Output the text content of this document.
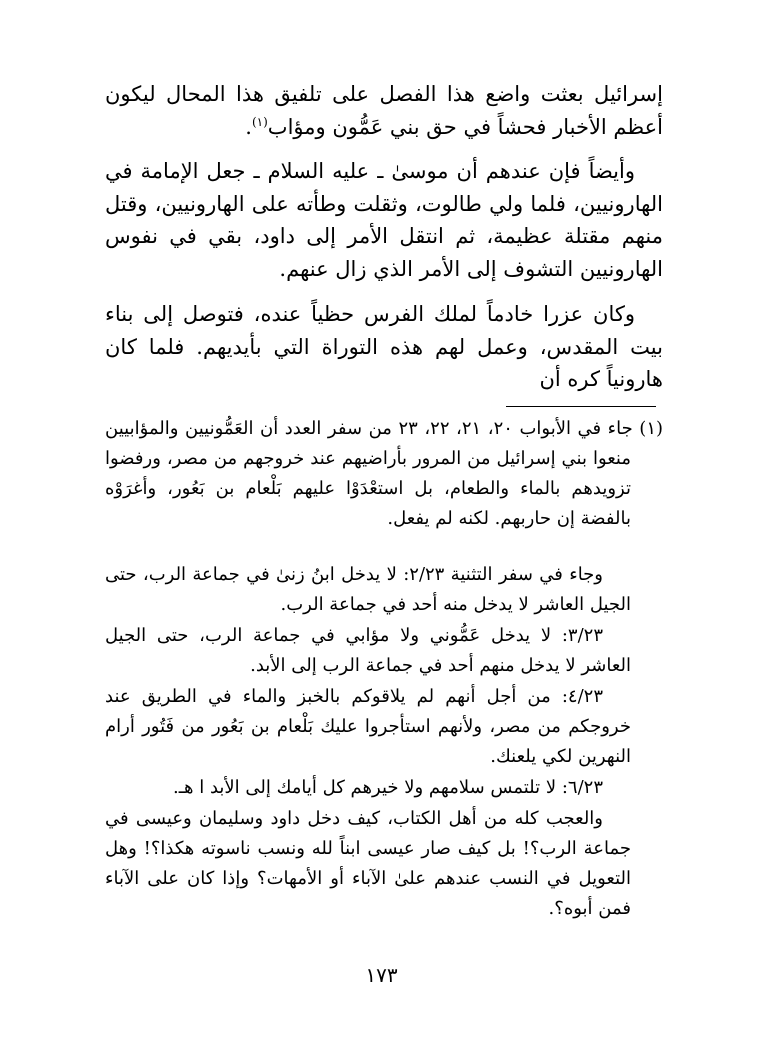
إسرائيل بعثت واضع هذا الفصل على تلفيق هذا المحال ليكون أعظم الأخبار فحشاً في حق بني عَمُّون ومؤاب$^{(١)}$.
وأيضاً فإن عندهم أن موسىٰ ـ عليه السلام ـ جعل الإمامة في الهارونيين، فلما ولي طالوت، وثقلت وطأته على الهارونيين، وقتل منهم مقتلة عظيمة، ثم انتقل الأمر إلى داود، بقي في نفوس الهارونيين التشوف إلى الأمر الذي زال عنهم.
وكان عزرا خادماً لملك الفرس حظياً عنده، فتوصل إلى بناء بيت المقدس، وعمل لهم هذه التوراة التي بأيديهم. فلما كان هارونياً كره أن
(١) جاء في الأبواب ٢٠، ٢١، ٢٢، ٢٣ من سفر العدد أن العَمُّونيين والمؤابيين منعوا بني إسرائيل من المرور بأراضيهم عند خروجهم من مصر، ورفضوا تزويدهم بالماء والطعام، بل استعْدَوْا عليهم بَلْعام بن بَعُور، وأغرَوْه بالفضة إن حاربهم. لكنه لم يفعل.
وجاء في سفر التثنية ٢/٢٣: لا يدخل ابنُ زنىٰ في جماعة الرب، حتى الجيل العاشر لا يدخل منه أحد في جماعة الرب.
٣/٢٣: لا يدخل عَمُّوني ولا مؤابي في جماعة الرب، حتى الجيل العاشر لا يدخل منهم أحد في جماعة الرب إلى الأبد.
٤/٢٣: من أجل أنهم لم يلاقوكم بالخبز والماء في الطريق عند خروجكم من مصر، ولأنهم استأجروا عليك بَلْعام بن بَعُور من فَتُور أرام النهرين لكي يلعنك.
٦/٢٣: لا تلتمس سلامهم ولا خيرهم كل أيامك إلى الأبد ا هـ.
والعجب كله من أهل الكتاب، كيف دخل داود وسليمان وعيسى في جماعة الرب؟! بل كيف صار عيسى ابناً لله ونسب ناسوته هكذا؟! وهل التعويل في النسب عندهم علىٰ الآباء أو الأمهات؟ وإذا كان على الآباء فمن أبوه؟.
١٧٣
